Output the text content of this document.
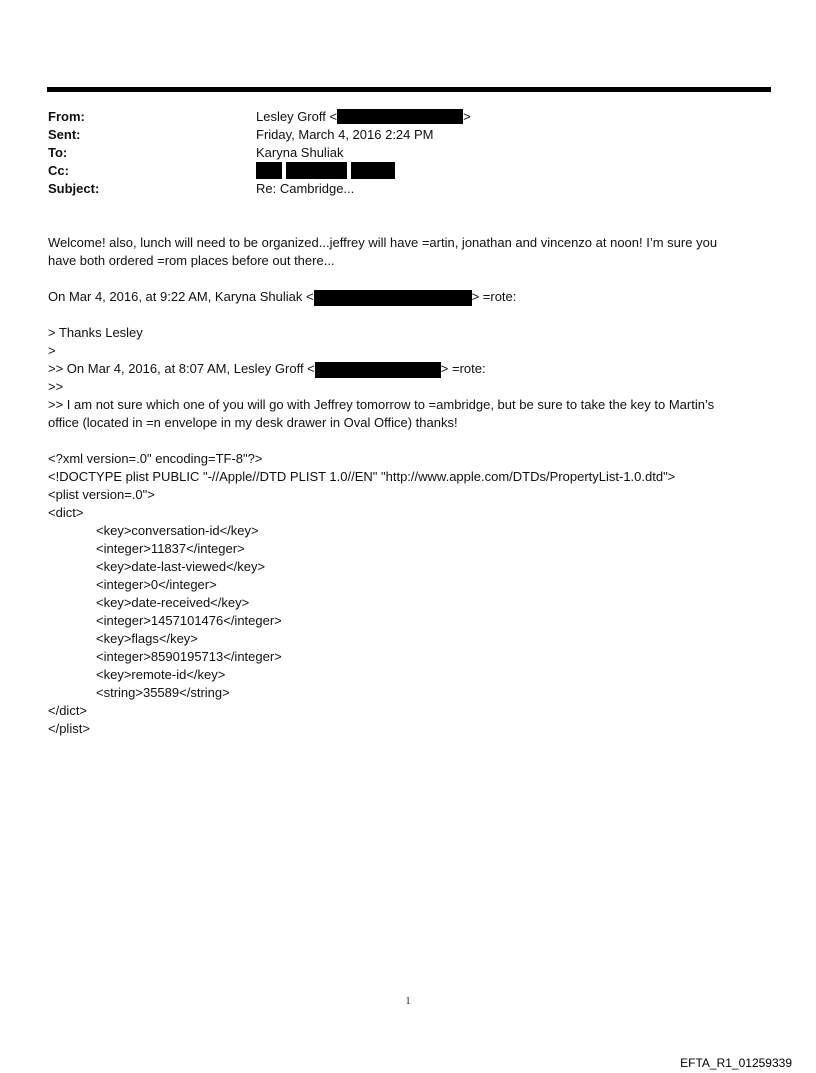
From:	Lesley Groff <	>
Sent:	Friday, March 4, 2016 2:24 PM
To:	Karyna Shuliak
Cc:
Subject:	Re: Cambridge...

Welcome! also, lunch will need to be organized...jeffrey will have =artin, jonathan and vincenzo at noon! I’m sure you

have both ordered =rom places before out there...

On Mar 4, 2016, at 9:22 AM, Karyna Shuliak <	> =rote:

> Thanks Lesley

>

>> On Mar 4, 2016, at 8:07 AM, Lesley Groff <	> =rote:

>>

>> I am not sure which one of you will go with Jeffrey tomorrow to =ambridge, but be sure to take the key to Martin’s

office (located in =n envelope in my desk drawer in Oval Office) thanks!

<?xml version=.0" encoding=TF-8"?>

<!DOCTYPE plist PUBLIC "-//Apple//DTD PLIST 1.0//EN" "http://www.apple.com/DTDs/PropertyList-1.0.dtd">

<plist version=.0">

<dict>

<key>conversation-id</key>

<integer>11837</integer>

<key>date-last-viewed</key>

<integer>0</integer>

<key>date-received</key>

<integer>1457101476</integer>

<key>flags</key>

<integer>8590195713</integer>

<key>remote-id</key>

<string>35589</string>

</dict>

</plist>

1
EFTA_R1_01259339
